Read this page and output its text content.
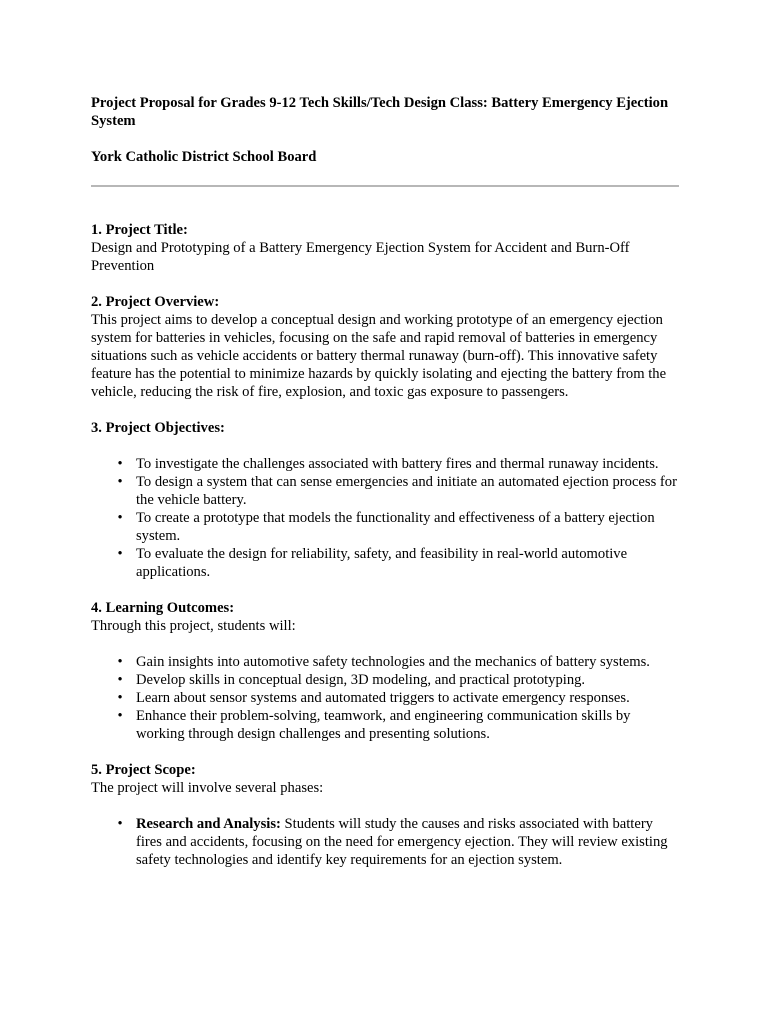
Project Proposal for Grades 9-12 Tech Skills/Tech Design Class: Battery Emergency Ejection System

York Catholic District School Board

1. Project Title:

Design and Prototyping of a Battery Emergency Ejection System for Accident and Burn-Off Prevention

2. Project Overview:

This project aims to develop a conceptual design and working prototype of an emergency ejection system for batteries in vehicles, focusing on the safe and rapid removal of batteries in emergency situations such as vehicle accidents or battery thermal runaway (burn-off). This innovative safety feature has the potential to minimize hazards by quickly isolating and ejecting the battery from the vehicle, reducing the risk of fire, explosion, and toxic gas exposure to passengers.

3. Project Objectives:
• To investigate the challenges associated with battery fires and thermal runaway incidents.
• To design a system that can sense emergencies and initiate an automated ejection process for the vehicle battery.
• To create a prototype that models the functionality and effectiveness of a battery ejection system.
• To evaluate the design for reliability, safety, and feasibility in real-world automotive applications.
4. Learning Outcomes:

Through this project, students will:

• Gain insights into automotive safety technologies and the mechanics of battery systems.
• Develop skills in conceptual design, 3D modeling, and practical prototyping.
• Learn about sensor systems and automated triggers to activate emergency responses.
• Enhance their problem-solving, teamwork, and engineering communication skills by working through design challenges and presenting solutions.
5. Project Scope:

The project will involve several phases:

• Research and Analysis: Students will study the causes and risks associated with battery fires and accidents, focusing on the need for emergency ejection. They will review existing safety technologies and identify key requirements for an ejection system.
